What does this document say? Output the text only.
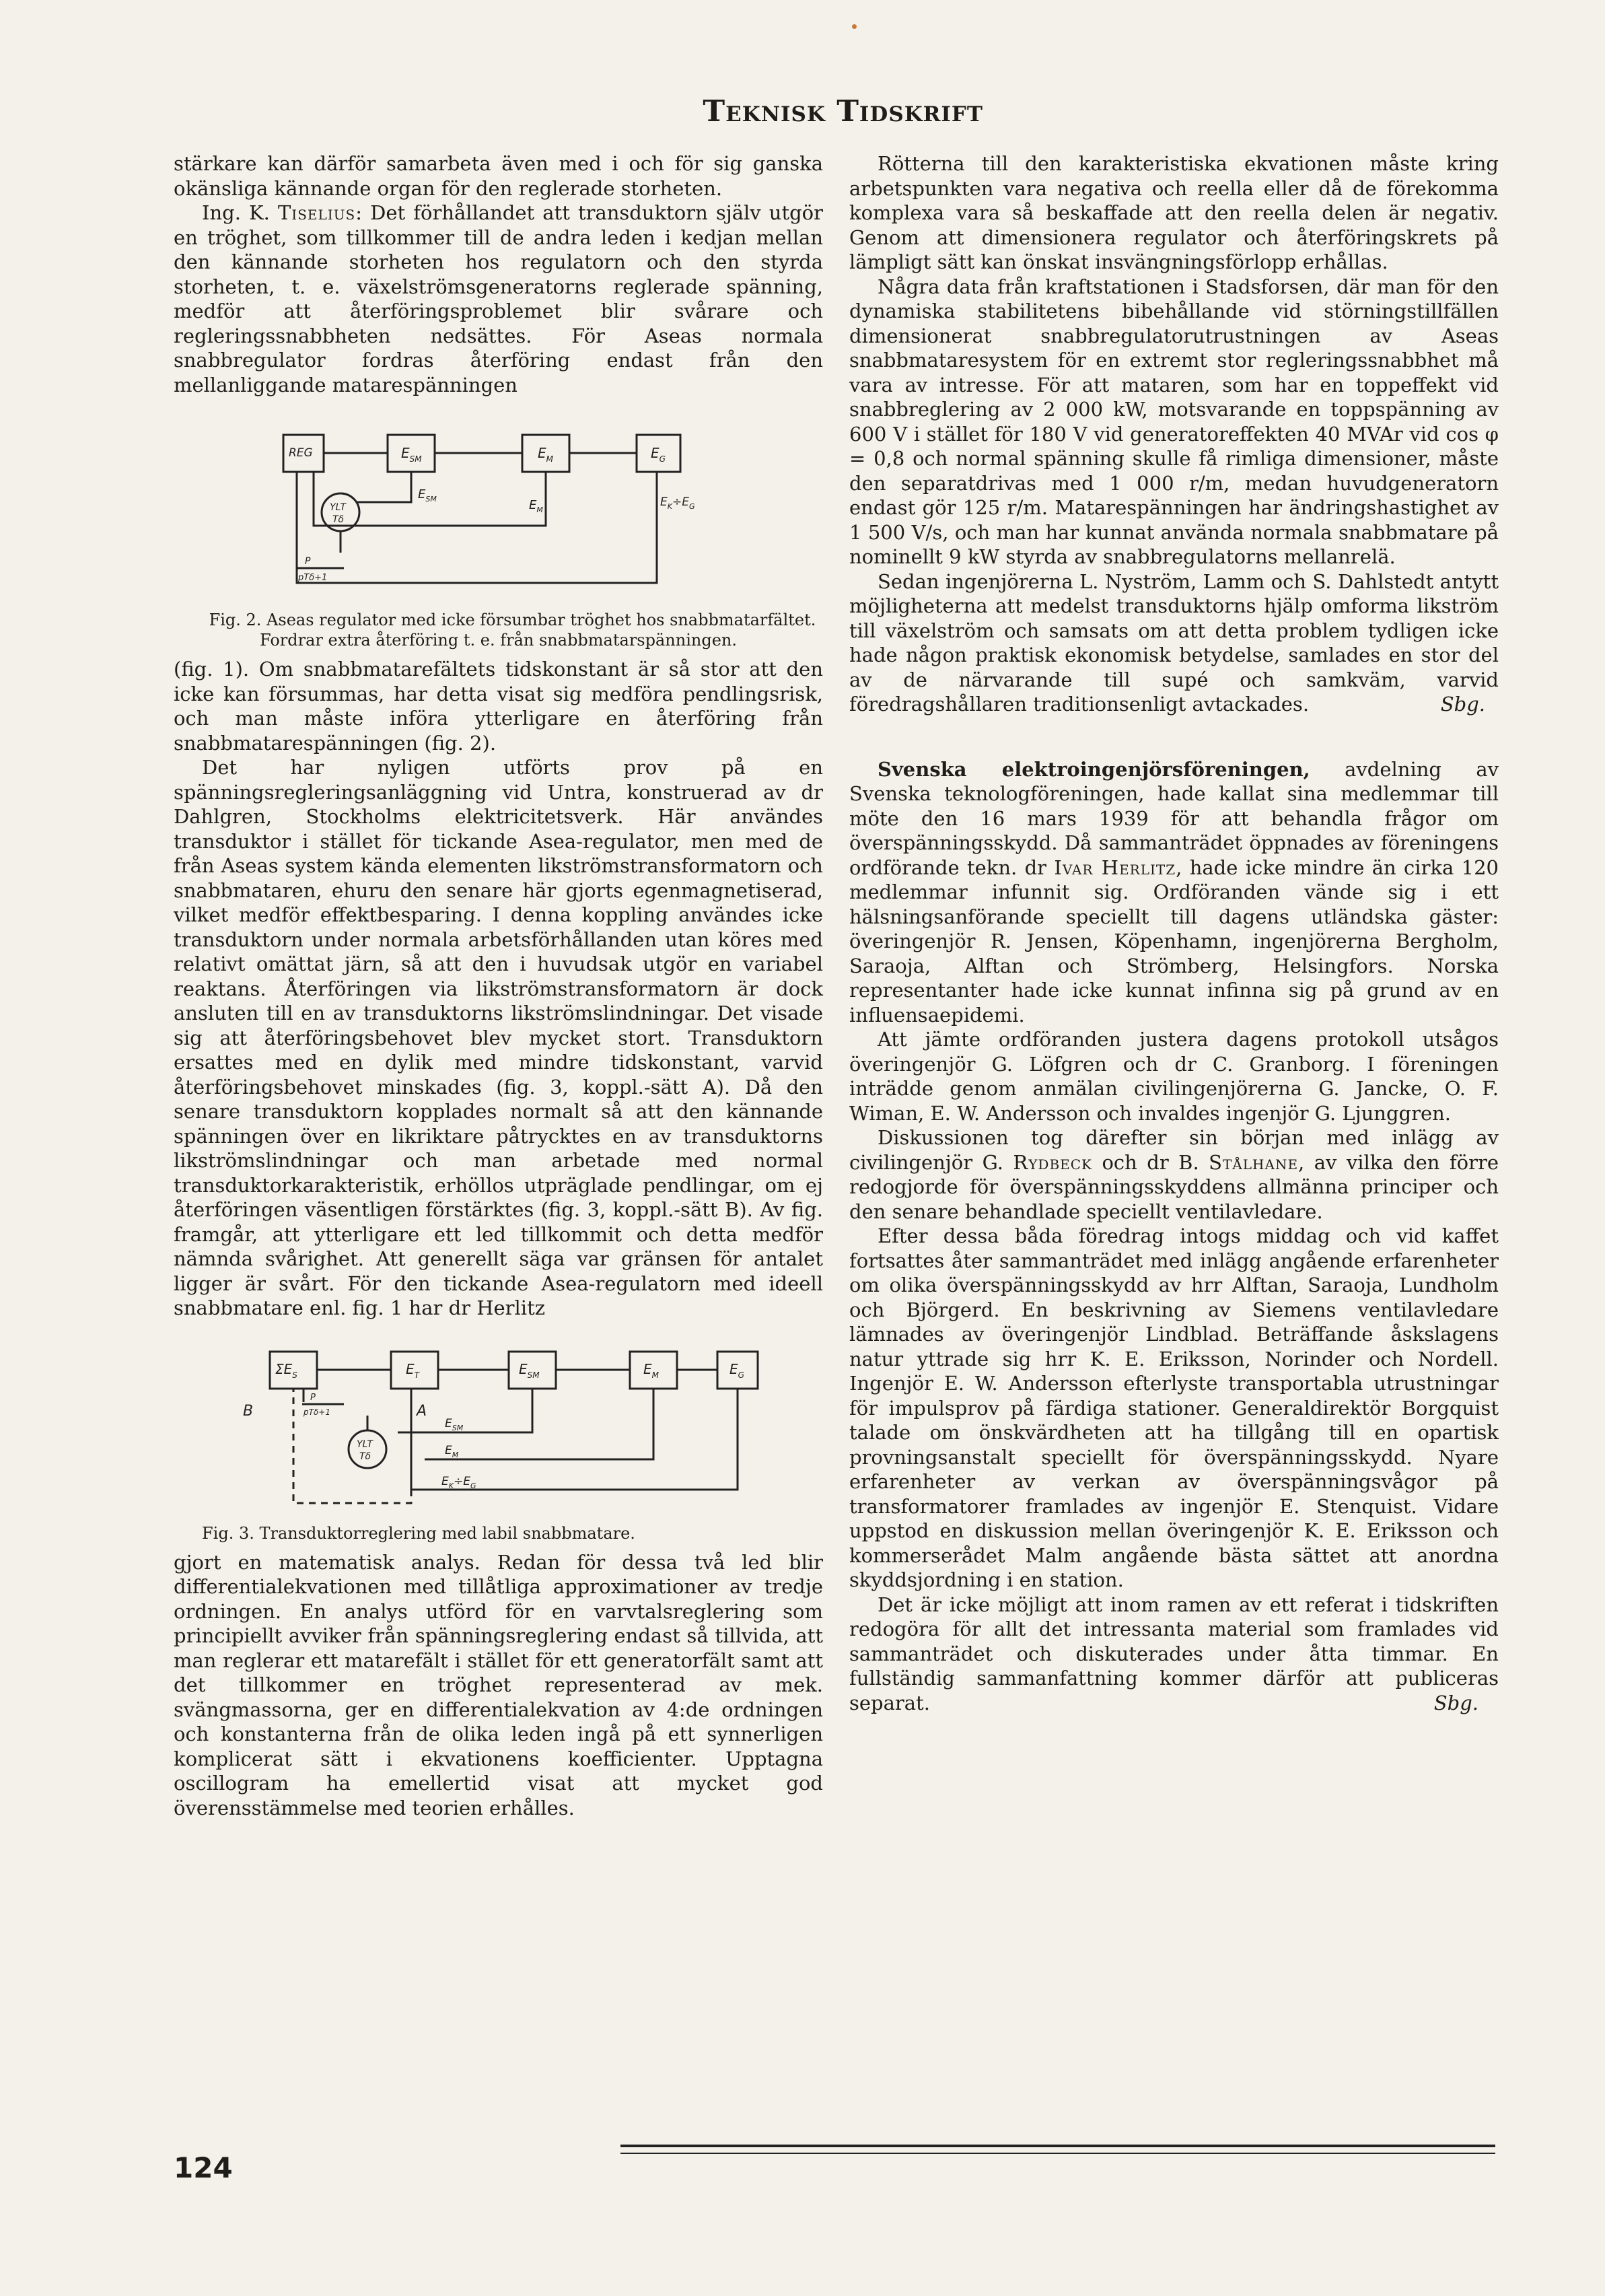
Teknisk Tidskrift

stärkare kan därför samarbeta även med i och för sig ganska okänsliga kännande organ för den reglerade storheten.

Ing. K. Tiselius: Det förhållandet att transduktorn själv utgör en tröghet, som tillkommer till de andra leden i kedjan mellan den kännande storheten hos regulatorn och den styrda storheten, t. e. växelströmsgeneratorns reglerade spänning, medför att återföringsproblemet blir svårare och regleringssnabbheten nedsättes. För Aseas normala snabbregulator fordras återföring endast från den mellanliggande matarespänningen

REG	$E_{SM}$	$E_M$	$E_G$
YLT
Tδ
$E_{SM}$	$E_M$
$E_K\div E_G$
P
pTδ+1

Fig. 2. Aseas regulator med icke försumbar tröghet hos snabbmatarfältet. Fordrar extra återföring t. e. från snabbmatarspänningen.

(fig. 1). Om snabbmatarefältets tidskonstant är så stor att den icke kan försummas, har detta visat sig medföra pendlingsrisk, och man måste införa ytterligare en återföring från snabbmatarespänningen (fig. 2).

Det har nyligen utförts prov på en spänningsregleringsanläggning vid Untra, konstruerad av dr Dahlgren, Stockholms elektricitetsverk. Här användes transduktor i stället för tickande Asea-regulator, men med de från Aseas system kända elementen likströmstransformatorn och snabbmataren, ehuru den senare här gjorts egenmagnetiserad, vilket medför effektbesparing. I denna koppling användes icke transduktorn under normala arbetsförhållanden utan köres med relativt omättat järn, så att den i huvudsak utgör en variabel reaktans. Återföringen via likströmstransformatorn är dock ansluten till en av transduktorns likströmslindningar. Det visade sig att återföringsbehovet blev mycket stort. Transduktorn ersattes med en dylik med mindre tidskonstant, varvid återföringsbehovet minskades (fig. 3, koppl.-sätt A). Då den senare transduktorn kopplades normalt så att den kännande spänningen över en likriktare påtrycktes en av transduktorns likströmslindningar och man arbetade med normal transduktorkarakteristik, erhöllos utpräglade pendlingar, om ej återföringen väsentligen förstärktes (fig. 3, koppl.-sätt B). Av fig. framgår, att ytterligare ett led tillkommit och detta medför nämnda svårighet. Att generellt säga var gränsen för antalet ligger är svårt. För den tickande Asea-regulatorn med ideell snabbmatare enl. fig. 1 har dr Herlitz

$\Sigma E_S$	$E_T$	$E_{SM}$	$E_M$	$E_G$
B	A
P
pTδ+1
YLT
Tδ
$E_{SM}$
$E_M$
$E_K\div E_G$

Fig. 3. Transduktorreglering med labil snabbmatare.

gjort en matematisk analys. Redan för dessa två led blir differentialekvationen med tillåtliga approximationer av tredje ordningen. En analys utförd för en varvtalsreglering som principiellt avviker från spänningsreglering endast så tillvida, att man reglerar ett matarefält i stället för ett generatorfält samt att det tillkommer en tröghet representerad av mek. svängmassorna, ger en differentialekvation av 4:de ordningen och konstanterna från de olika leden ingå på ett synnerligen komplicerat sätt i ekvationens koefficienter. Upptagna oscillogram ha emellertid visat att mycket god överensstämmelse med teorien erhålles.

Rötterna till den karakteristiska ekvationen måste kring arbetspunkten vara negativa och reella eller då de förekomma komplexa vara så beskaffade att den reella delen är negativ. Genom att dimensionera regulator och återföringskrets på lämpligt sätt kan önskat insvängningsförlopp erhållas.

Några data från kraftstationen i Stadsforsen, där man för den dynamiska stabilitetens bibehållande vid störningstillfällen dimensionerat snabbregulatorutrustningen av Aseas snabbmataresystem för en extremt stor regleringssnabbhet må vara av intresse. För att mataren, som har en toppeffekt vid snabbreglering av 2 000 kW, motsvarande en toppspänning av 600 V i stället för 180 V vid generatoreffekten 40 MVAr vid cos φ = 0,8 och normal spänning skulle få rimliga dimensioner, måste den separatdrivas med 1 000 r/m, medan huvudgeneratorn endast gör 125 r/m. Matarespänningen har ändringshastighet av 1 500 V/s, och man har kunnat använda normala snabbmatare på nominellt 9 kW styrda av snabbregulatorns mellanrelä.

Sedan ingenjörerna L. Nyström, Lamm och S. Dahlstedt antytt möjligheterna att medelst transduktorns hjälp omforma likström till växelström och samsats om att detta problem tydligen icke hade någon praktisk ekonomisk betydelse, samlades en stor del av de närvarande till supé och samkväm, varvid föredragshållaren traditionsenligt avtackades.	Sbg.

Svenska elektroingenjörsföreningen, avdelning av Svenska teknologföreningen, hade kallat sina medlemmar till möte den 16 mars 1939 för att behandla frågor om överspänningsskydd. Då sammanträdet öppnades av föreningens ordförande tekn. dr Ivar Herlitz, hade icke mindre än cirka 120 medlemmar infunnit sig. Ordföranden vände sig i ett hälsningsanförande speciellt till dagens utländska gäster: överingenjör R. Jensen, Köpenhamn, ingenjörerna Bergholm, Saraoja, Alftan och Strömberg, Helsingfors. Norska representanter hade icke kunnat infinna sig på grund av en influensaepidemi.

Att jämte ordföranden justera dagens protokoll utsågos överingenjör G. Löfgren och dr C. Granborg. I föreningen inträdde genom anmälan civilingenjörerna G. Jancke, O. F. Wiman, E. W. Andersson och invaldes ingenjör G. Ljunggren.

Diskussionen tog därefter sin början med inlägg av civilingenjör G. Rydbeck och dr B. Stålhane, av vilka den förre redogjorde för överspänningsskyddens allmänna principer och den senare behandlade speciellt ventilavledare.

Efter dessa båda föredrag intogs middag och vid kaffet fortsattes åter sammanträdet med inlägg angående erfarenheter om olika överspänningsskydd av hrr Alftan, Saraoja, Lundholm och Björgerd. En beskrivning av Siemens ventilavledare lämnades av överingenjör Lindblad. Beträffande åskslagens natur yttrade sig hrr K. E. Eriksson, Norinder och Nordell. Ingenjör E. W. Andersson efterlyste transportabla utrustningar för impulsprov på färdiga stationer. Generaldirektör Borgquist talade om önskvärdheten att ha tillgång till en opartisk provningsanstalt speciellt för överspänningsskydd. Nyare erfarenheter av verkan av överspänningsvågor på transformatorer framlades av ingenjör E. Stenquist. Vidare uppstod en diskussion mellan överingenjör K. E. Eriksson och kommerserådet Malm angående bästa sättet att anordna skyddsjordning i en station.

Det är icke möjligt att inom ramen av ett referat i tidskriften redogöra för allt det intressanta material som framlades vid sammanträdet och diskuterades under åtta timmar. En fullständig sammanfattning kommer därför att publiceras separat.	Sbg.

124
